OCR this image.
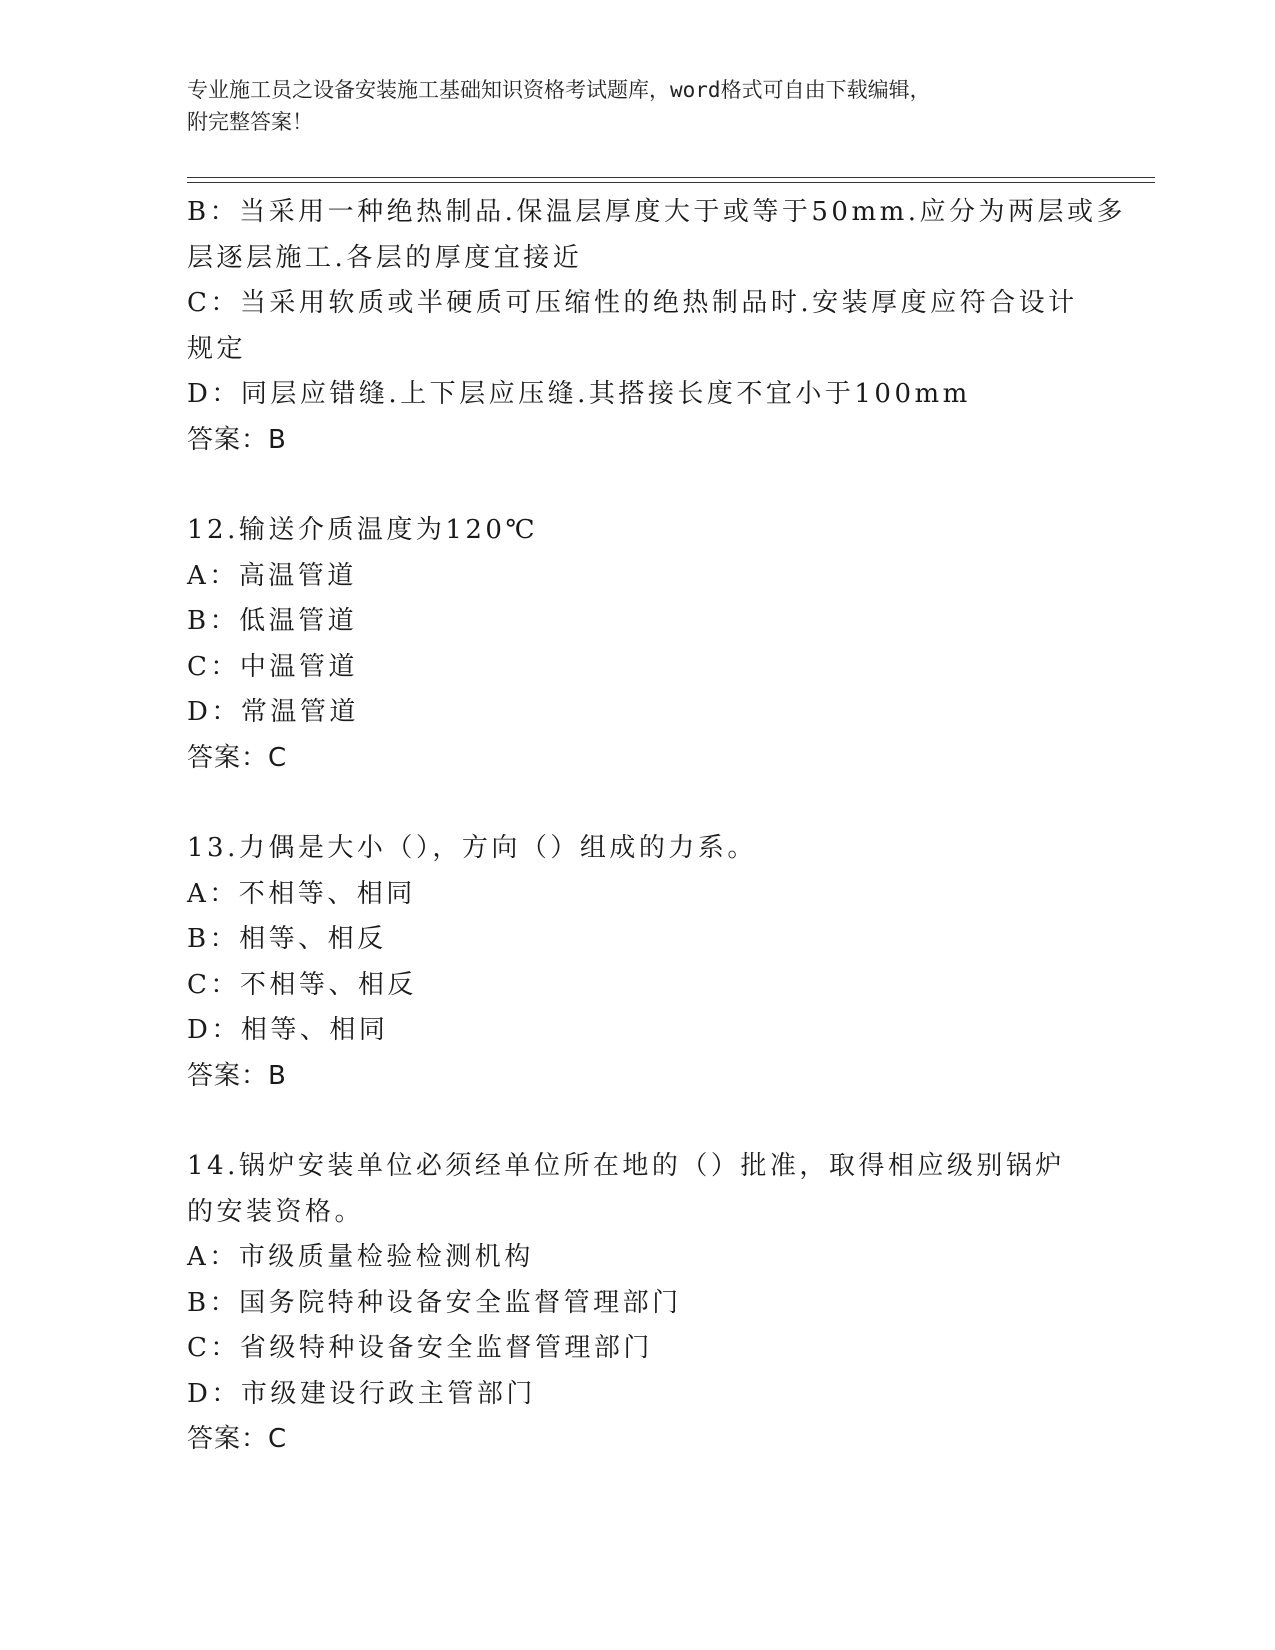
专业施工员之设备安装施工基础知识资格考试题库，word格式可自由下载编辑，
附完整答案！
B：当采用一种绝热制品.保温层厚度大于或等于50mm.应分为两层或多
层逐层施工.各层的厚度宜接近
C：当采用软质或半硬质可压缩性的绝热制品时.安装厚度应符合设计
规定
D：同层应错缝.上下层应压缝.其搭接长度不宜小于100mm
答案：B
12.输送介质温度为120℃
A：高温管道
B：低温管道
C：中温管道
D：常温管道
答案：C
13.力偶是大小（），方向（）组成的力系。
A：不相等、相同
B：相等、相反
C：不相等、相反
D：相等、相同
答案：B
14.锅炉安装单位必须经单位所在地的（）批准，取得相应级别锅炉
的安装资格。
A：市级质量检验检测机构
B：国务院特种设备安全监督管理部门
C：省级特种设备安全监督管理部门
D：市级建设行政主管部门
答案：C
